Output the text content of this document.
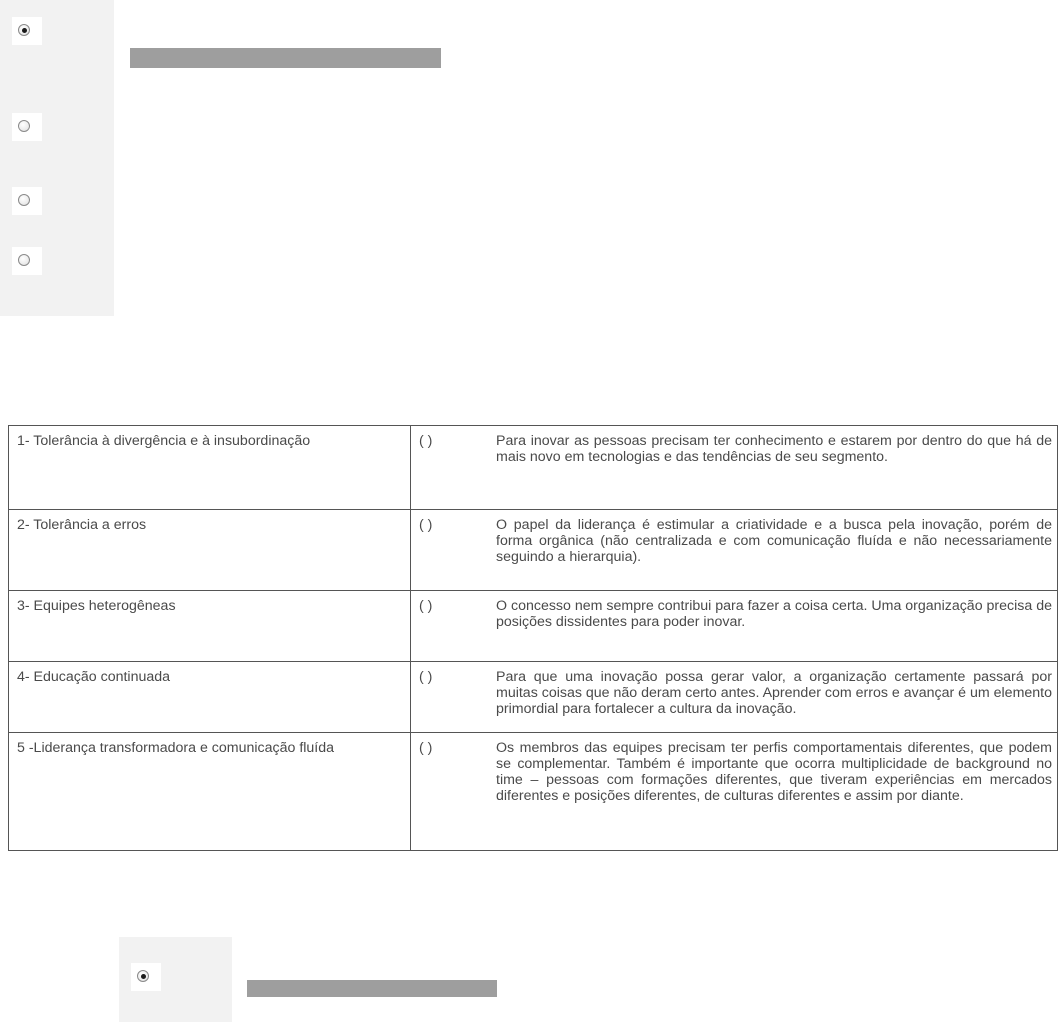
1- Tolerância à divergência e à insubordinação	( )	Para inovar as pessoas precisam ter conhecimento e estarem por dentro do que há de mais novo em tecnologias e das tendências de seu segmento.
2- Tolerância a erros	( )	O papel da liderança é estimular a criatividade e a busca pela inovação, porém de forma orgânica (não centralizada e com comunicação fluída e não necessariamente seguindo a hierarquia).
3- Equipes heterogêneas	( )	O concesso nem sempre contribui para fazer a coisa certa. Uma organização precisa de posições dissidentes para poder inovar.
4- Educação continuada	( )	Para que uma inovação possa gerar valor, a organização certamente passará por muitas coisas que não deram certo antes. Aprender com erros e avançar é um elemento primordial para fortalecer a cultura da inovação.
5 -Liderança transformadora e comunicação fluída	( )	Os membros das equipes precisam ter perfis comportamentais diferentes, que podem se complementar. Também é importante que ocorra multiplicidade de background no time – pessoas com formações diferentes, que tiveram experiências em mercados diferentes e posições diferentes, de culturas diferentes e assim por diante.
